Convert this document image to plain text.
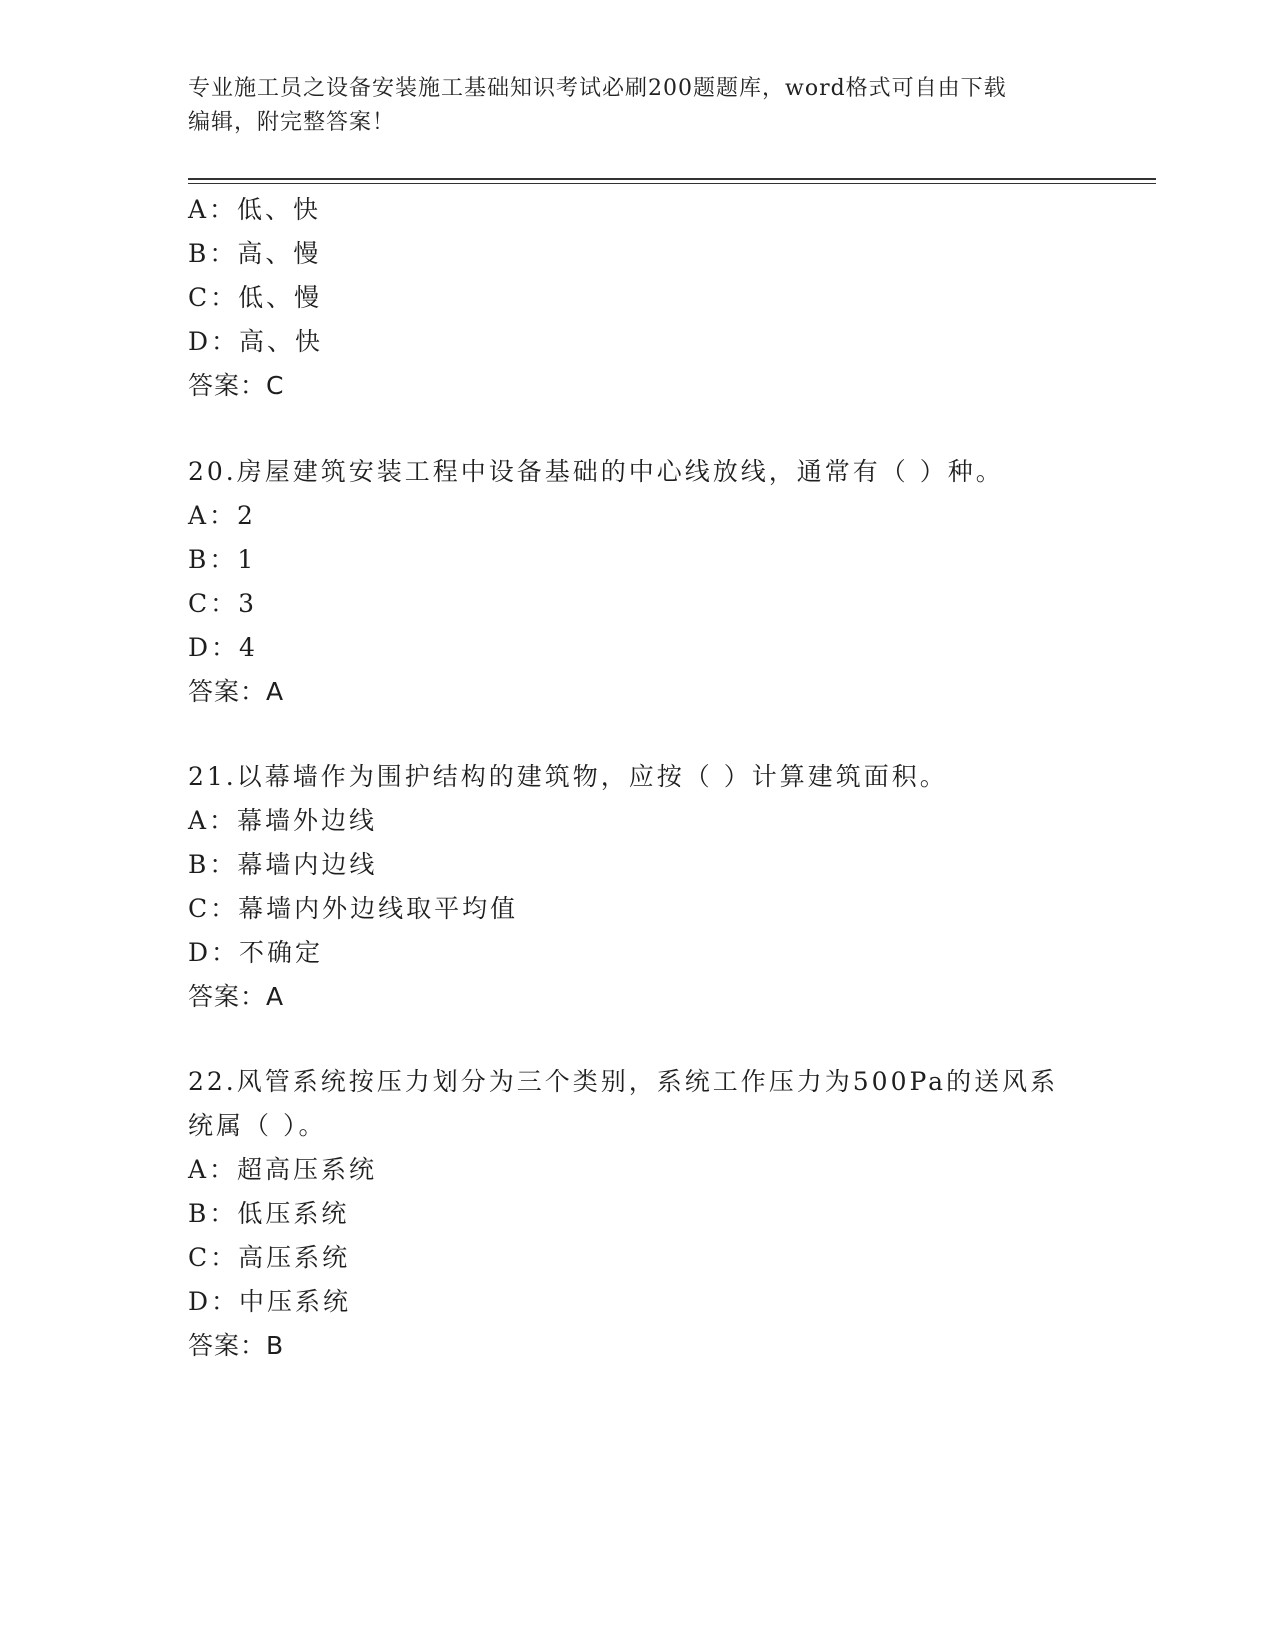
专业施工员之设备安装施工基础知识考试必刷200题题库，word格式可自由下载
编辑，附完整答案！
A：低、快
B：高、慢
C：低、慢
D：高、快
答案：C
20.房屋建筑安装工程中设备基础的中心线放线，通常有（ ）种。
A：2
B：1
C：3
D：4
答案：A
21.以幕墙作为围护结构的建筑物，应按（ ）计算建筑面积。
A：幕墙外边线
B：幕墙内边线
C：幕墙内外边线取平均值
D：不确定
答案：A
22.风管系统按压力划分为三个类别，系统工作压力为500Pa的送风系
统属（ ）。
A：超高压系统
B：低压系统
C：高压系统
D：中压系统
答案：B
